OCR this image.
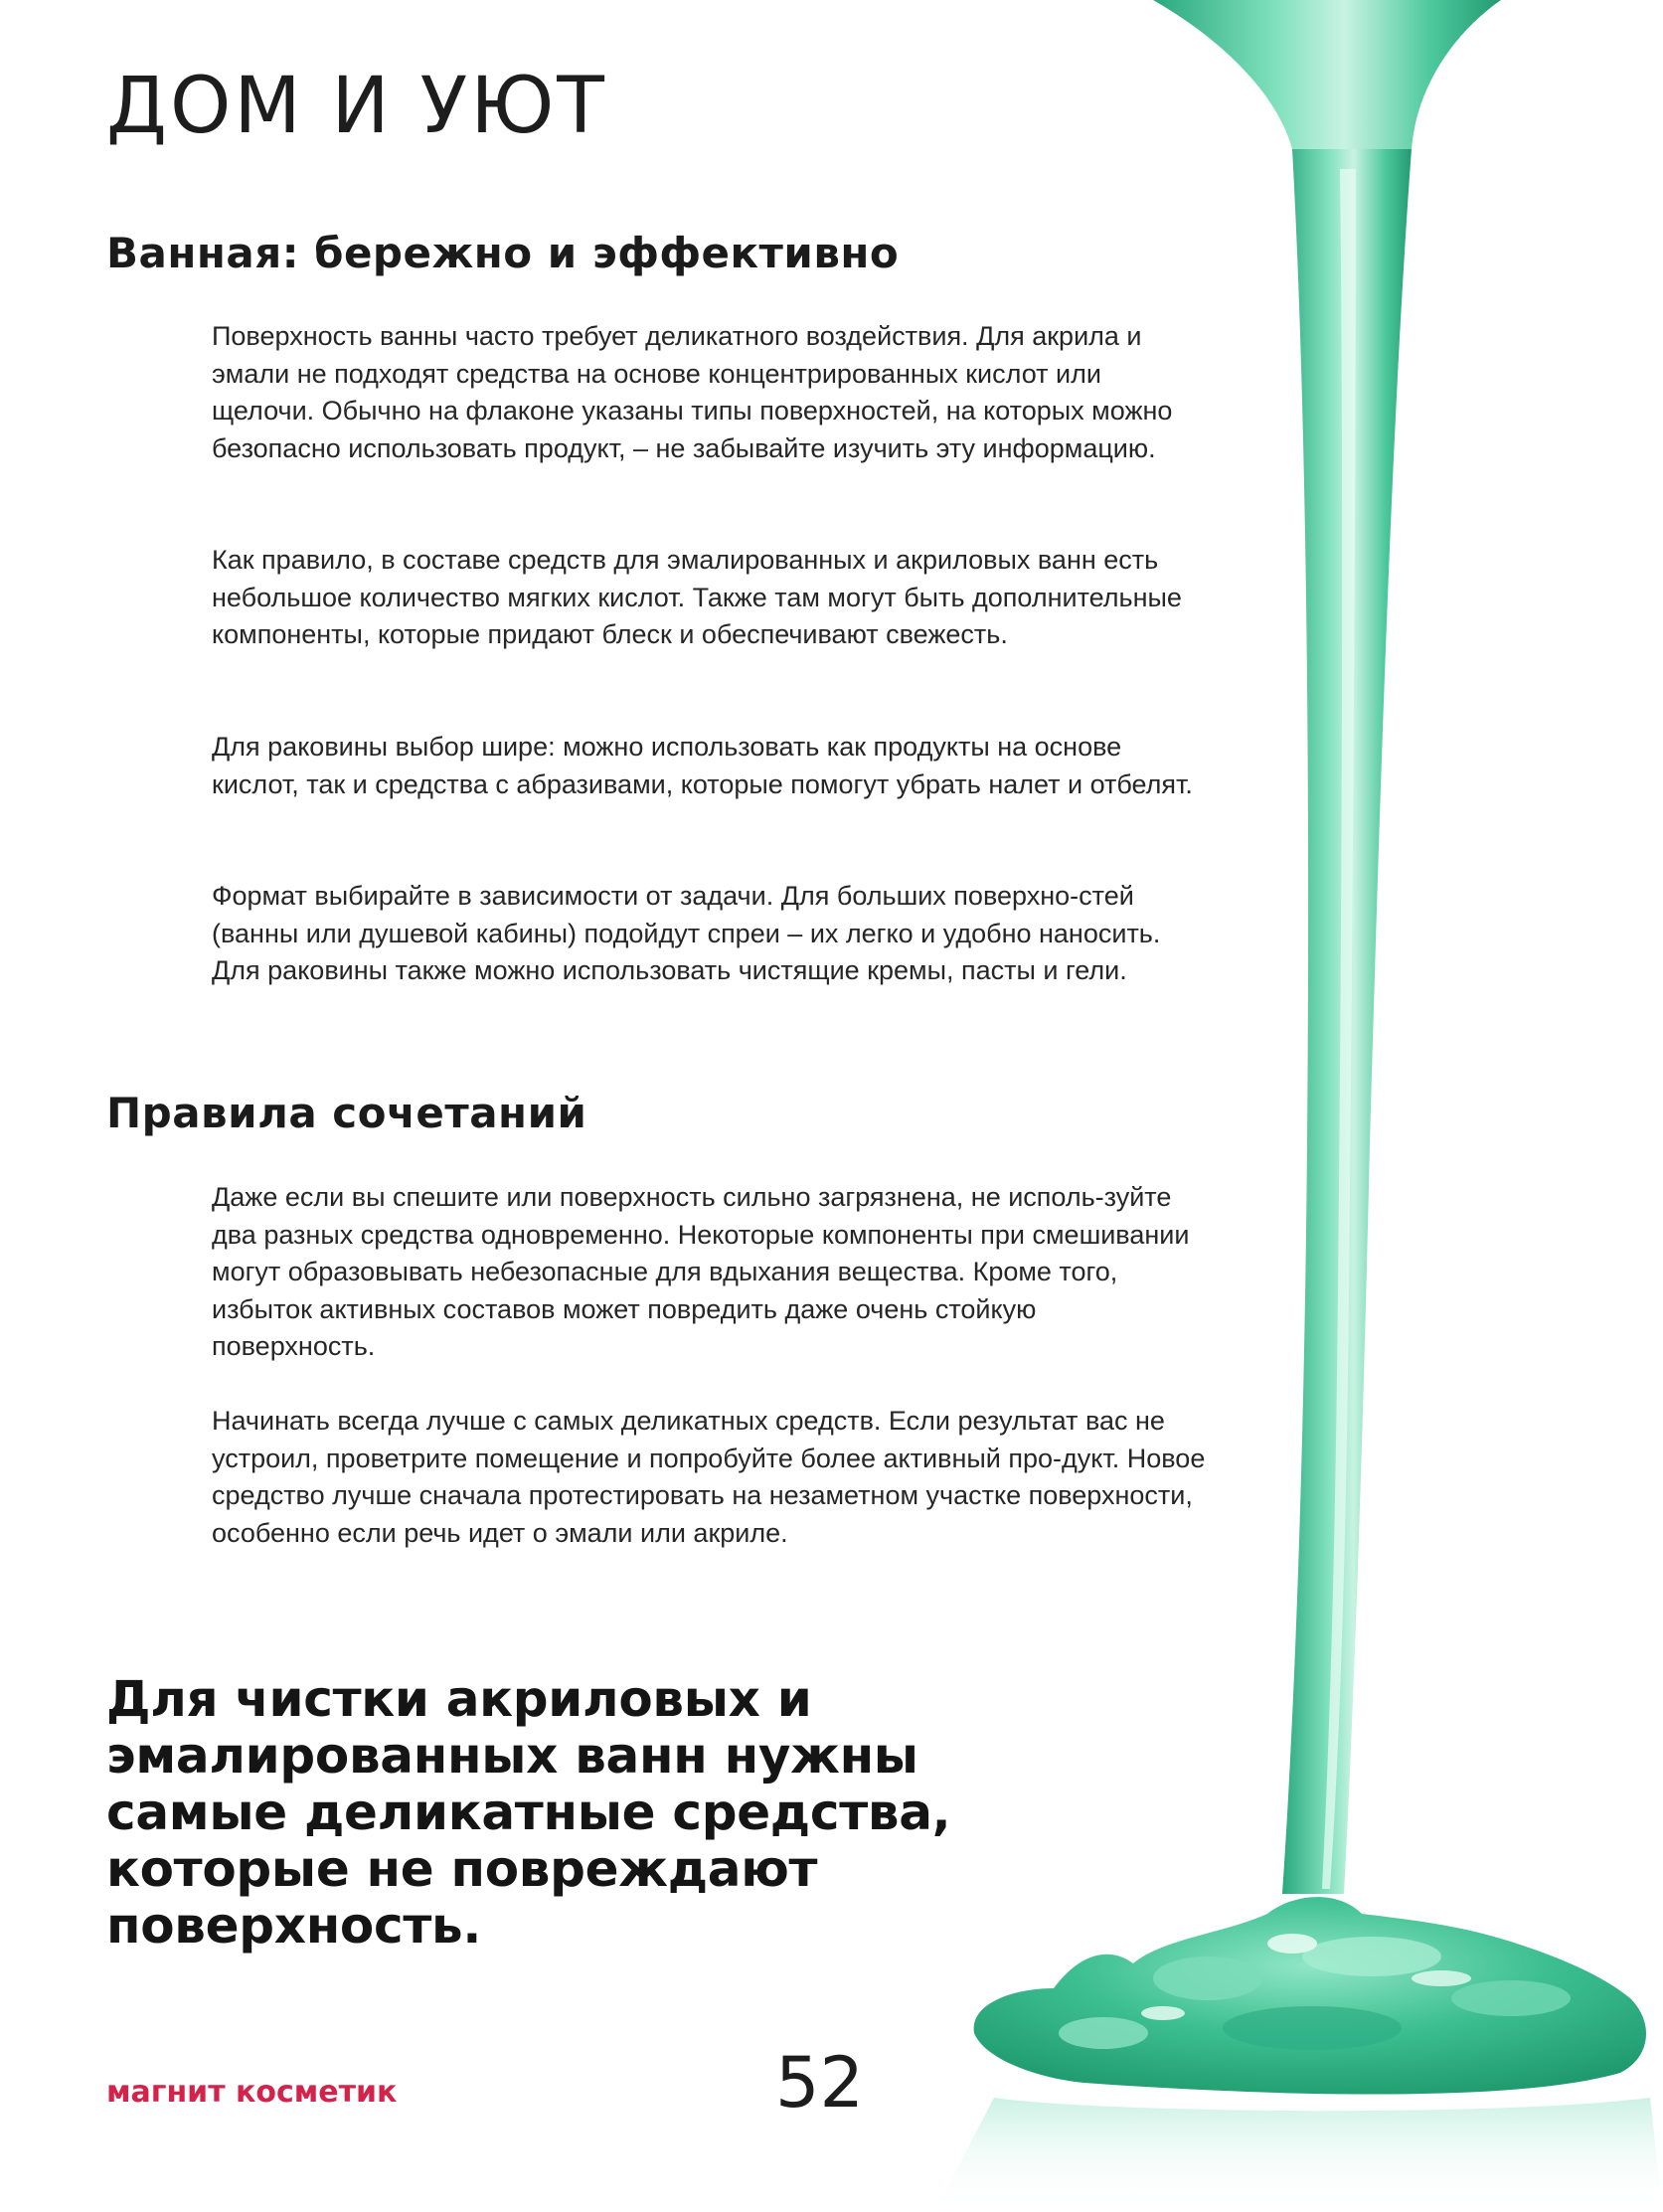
ДОМ И УЮТ
Ванная: бережно и эффективно

Поверхность ванны часто требует деликатного воздействия. Для акрила и эмали не подходят средства на основе концентрированных кислот или щелочи. Обычно на флаконе указаны типы поверхностей, на которых можно безопасно использовать продукт, – не забывайте изучить эту информацию.

Как правило, в составе средств для эмалированных и акриловых ванн есть небольшое количество мягких кислот. Также там могут быть дополнительные компоненты, которые придают блеск и обеспечивают свежесть.

Для раковины выбор шире: можно использовать как продукты на основе кислот, так и средства с абразивами, которые помогут убрать налет и отбелят.

Формат выбирайте в зависимости от задачи. Для больших поверхно-стей (ванны или душевой кабины) подойдут спреи – их легко и удобно наносить. Для раковины также можно использовать чистящие кремы, пасты и гели.

Правила сочетаний

Даже если вы спешите или поверхность сильно загрязнена, не исполь-зуйте два разных средства одновременно. Некоторые компоненты при смешивании могут образовывать небезопасные для вдыхания вещества. Кроме того, избыток активных составов может повредить даже очень стойкую поверхность.

Начинать всегда лучше с самых деликатных средств. Если результат вас не устроил, проветрите помещение и попробуйте более активный про-дукт. Новое средство лучше сначала протестировать на незаметном участке поверхности, особенно если речь идет о эмали или акриле.

Для чистки акриловых и эмалированных ванн нужны самые деликатные средства, которые не повреждают поверхность.

магнит косметик	52
